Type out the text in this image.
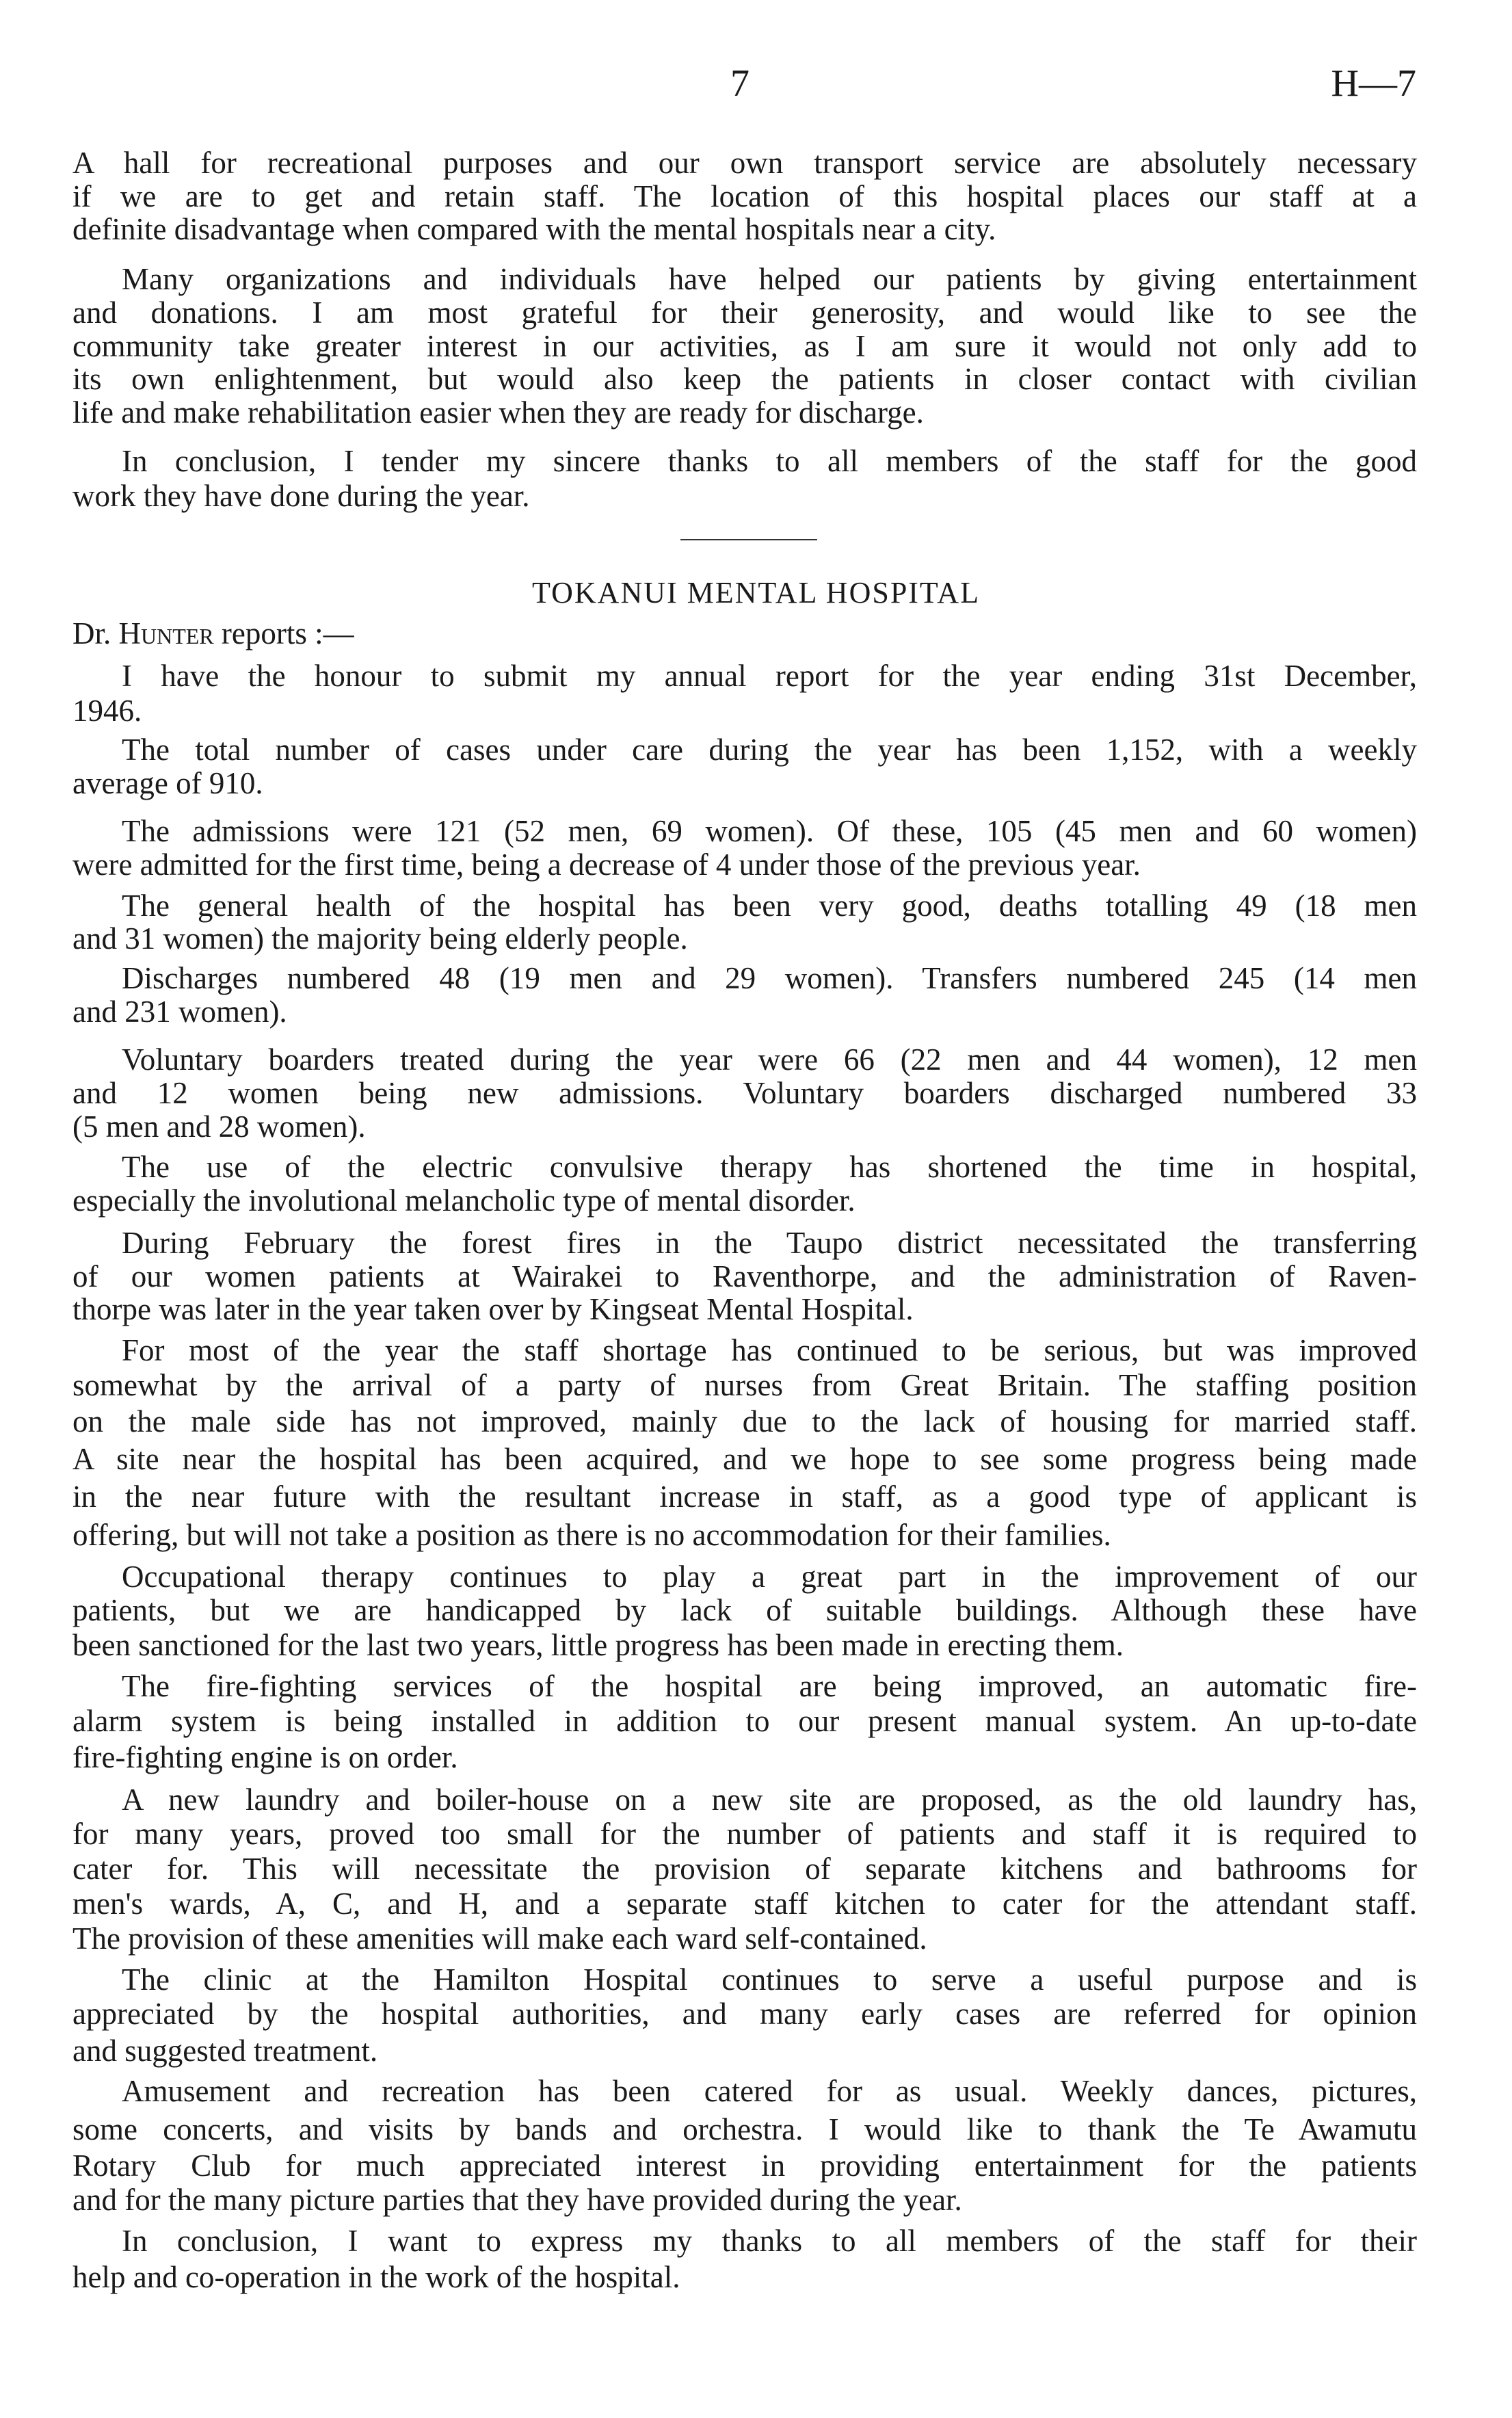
7	H—7
A hall for recreational purposes and our own transport service are absolutely necessary
if we are to get and retain staff. The location of this hospital places our staff at a
definite disadvantage when compared with the mental hospitals near a city.
Many organizations and individuals have helped our patients by giving entertainment
and donations. I am most grateful for their generosity, and would like to see the
community take greater interest in our activities, as I am sure it would not only add to
its own enlightenment, but would also keep the patients in closer contact with civilian
life and make rehabilitation easier when they are ready for discharge.
In conclusion, I tender my sincere thanks to all members of the staff for the good
work they have done during the year.
TOKANUI MENTAL HOSPITAL
Dr. Hunter reports :—
I have the honour to submit my annual report for the year ending 31st December,
1946.
The total number of cases under care during the year has been 1,152, with a weekly
average of 910.
The admissions were 121 (52 men, 69 women). Of these, 105 (45 men and 60 women)
were admitted for the first time, being a decrease of 4 under those of the previous year.
The general health of the hospital has been very good, deaths totalling 49 (18 men
and 31 women) the majority being elderly people.
Discharges numbered 48 (19 men and 29 women). Transfers numbered 245 (14 men
and 231 women).
Voluntary boarders treated during the year were 66 (22 men and 44 women), 12 men
and 12 women being new admissions. Voluntary boarders discharged numbered 33
(5 men and 28 women).
The use of the electric convulsive therapy has shortened the time in hospital,
especially the involutional melancholic type of mental disorder.
During February the forest fires in the Taupo district necessitated the transferring
of our women patients at Wairakei to Raventhorpe, and the administration of Raven-
thorpe was later in the year taken over by Kingseat Mental Hospital.
For most of the year the staff shortage has continued to be serious, but was improved
somewhat by the arrival of a party of nurses from Great Britain. The staffing position
on the male side has not improved, mainly due to the lack of housing for married staff.
A site near the hospital has been acquired, and we hope to see some progress being made
in the near future with the resultant increase in staff, as a good type of applicant is
offering, but will not take a position as there is no accommodation for their families.
Occupational therapy continues to play a great part in the improvement of our
patients, but we are handicapped by lack of suitable buildings. Although these have
been sanctioned for the last two years, little progress has been made in erecting them.
The fire-fighting services of the hospital are being improved, an automatic fire-
alarm system is being installed in addition to our present manual system. An up-to-date
fire-fighting engine is on order.
A new laundry and boiler-house on a new site are proposed, as the old laundry has,
for many years, proved too small for the number of patients and staff it is required to
cater for. This will necessitate the provision of separate kitchens and bathrooms for
men's wards, A, C, and H, and a separate staff kitchen to cater for the attendant staff.
The provision of these amenities will make each ward self-contained.
The clinic at the Hamilton Hospital continues to serve a useful purpose and is
appreciated by the hospital authorities, and many early cases are referred for opinion
and suggested treatment.
Amusement and recreation has been catered for as usual. Weekly dances, pictures,
some concerts, and visits by bands and orchestra. I would like to thank the Te Awamutu
Rotary Club for much appreciated interest in providing entertainment for the patients
and for the many picture parties that they have provided during the year.
In conclusion, I want to express my thanks to all members of the staff for their
help and co-operation in the work of the hospital.
